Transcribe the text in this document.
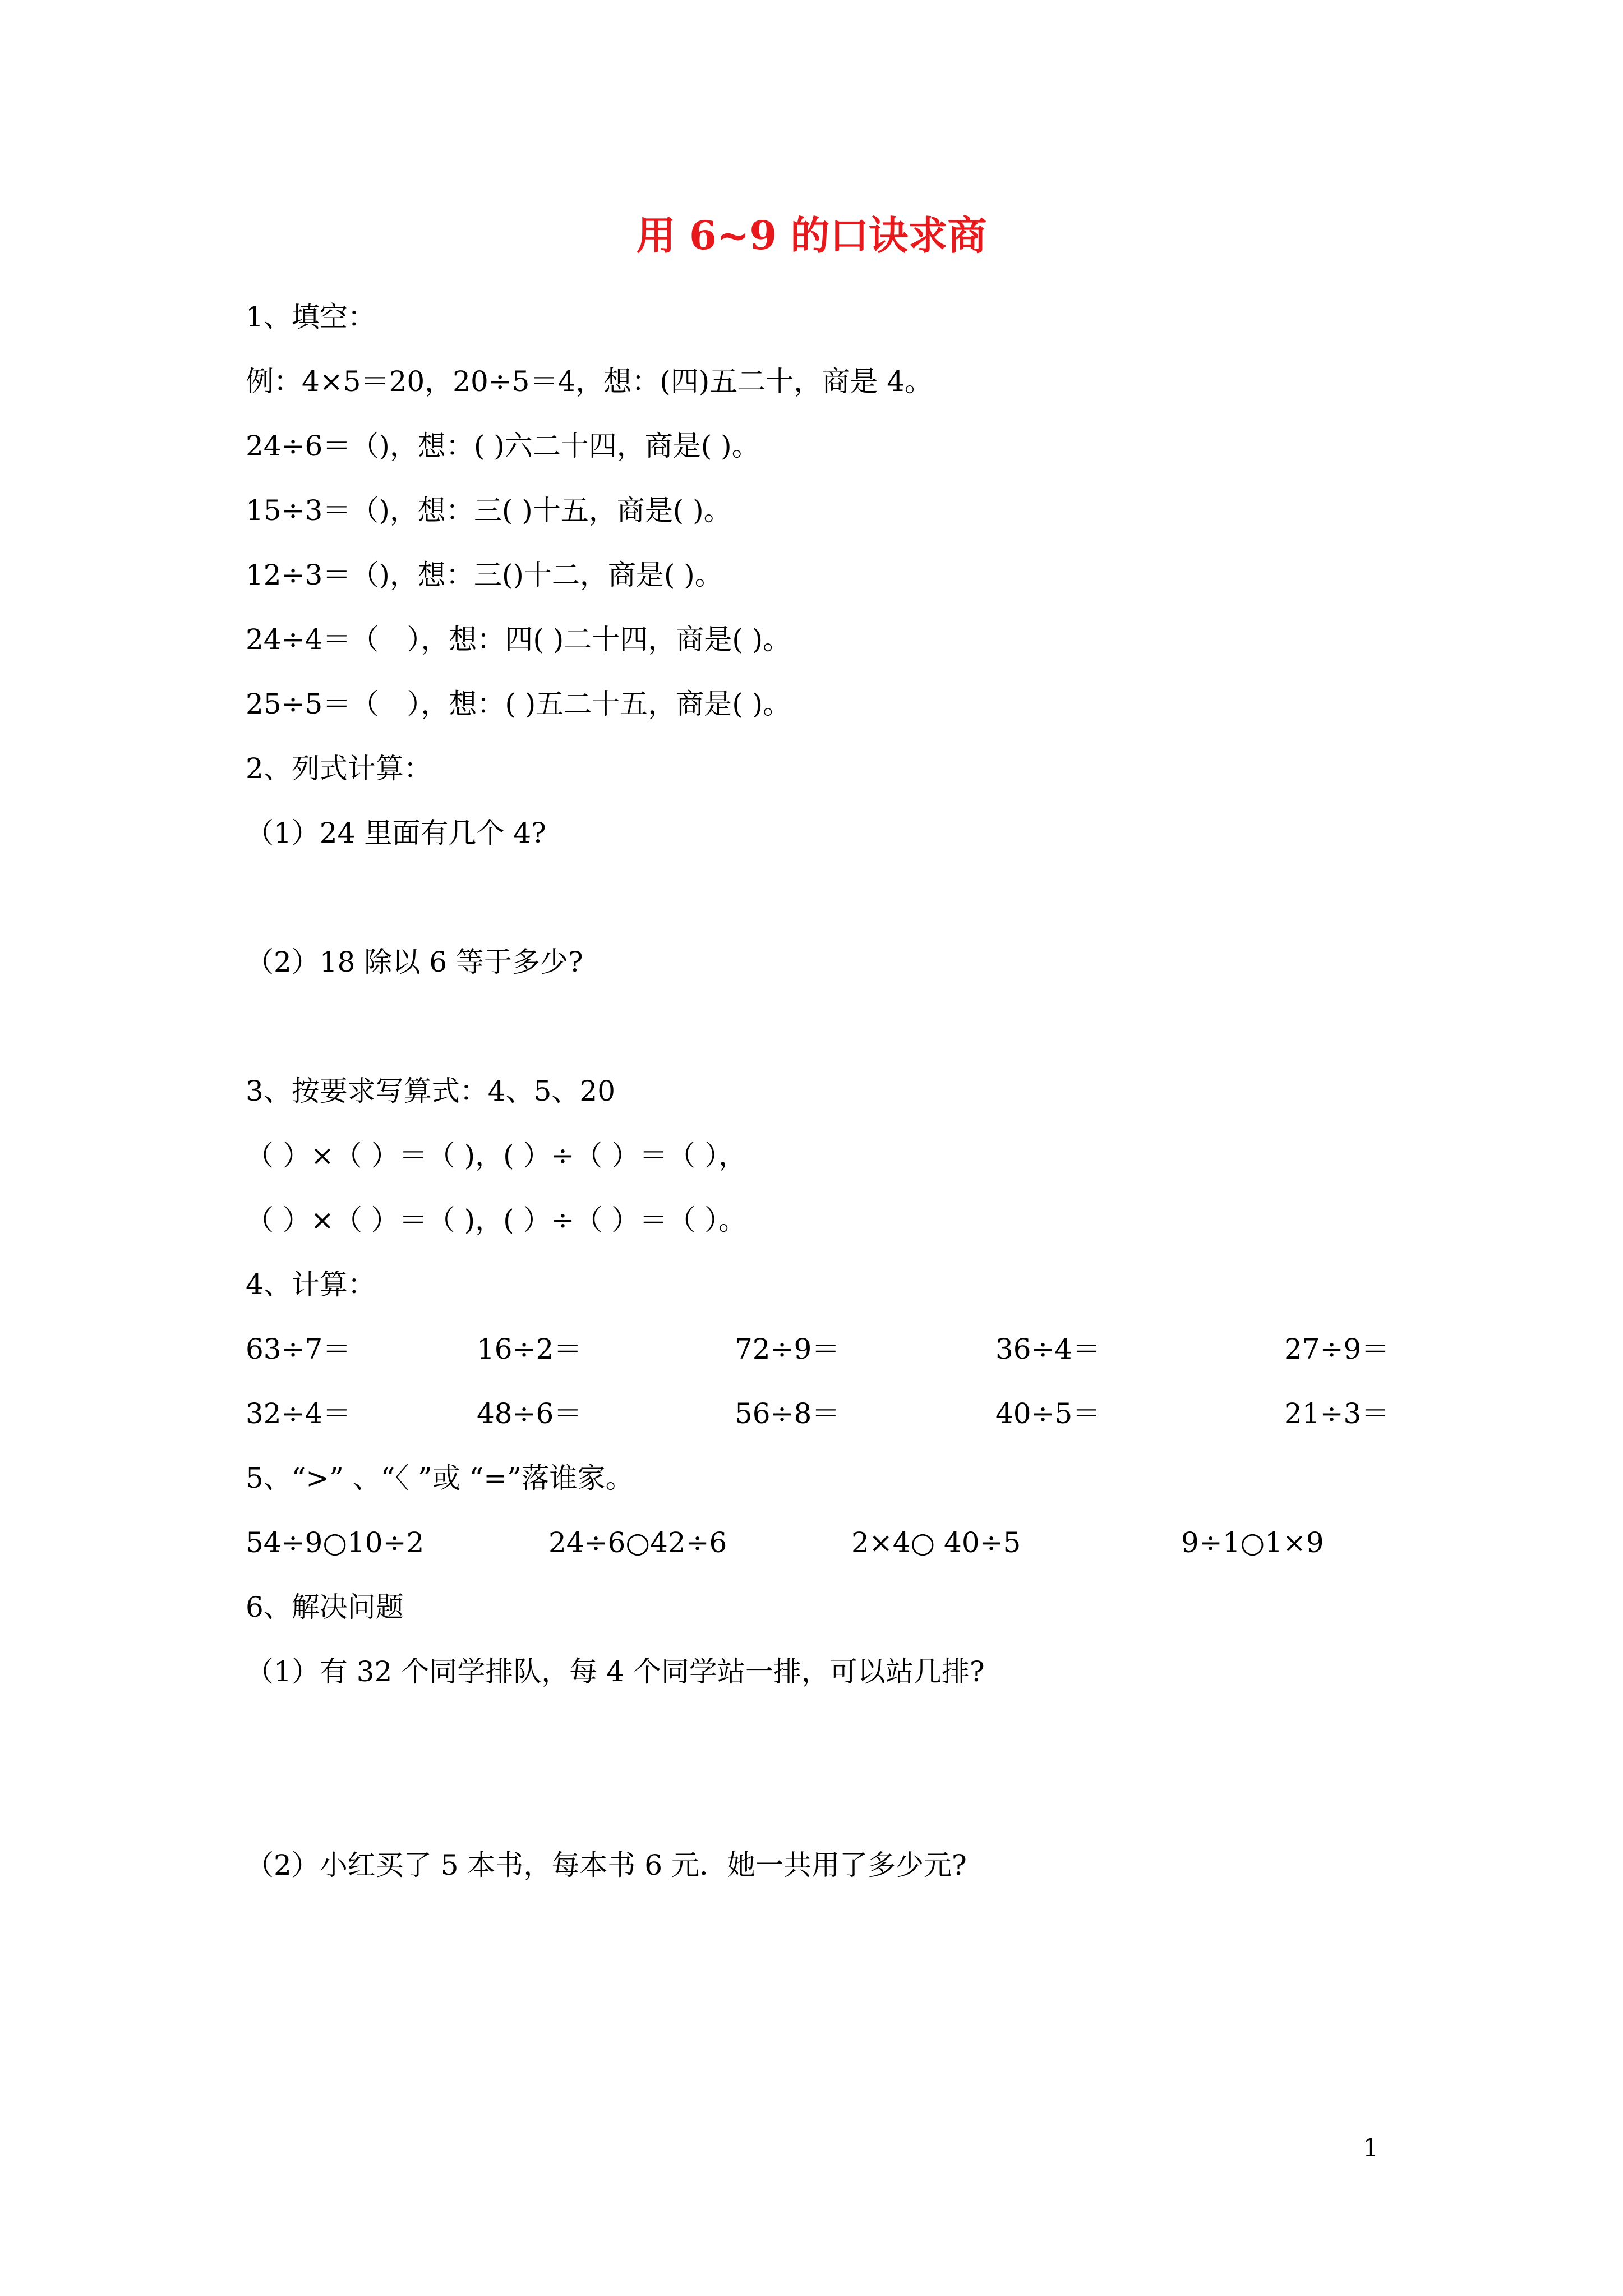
用 6~9 的口诀求商
1、填空：
例：4×5＝20，20÷5＝4，想：(四)五二十，商是 4。
24÷6＝（)，想：( )六二十四，商是( )。
15÷3＝（)，想：三( )十五，商是( )。
12÷3＝（)，想：三()十二，商是( )。
24÷4＝（　），想：四( )二十四，商是( )。
25÷5＝（　），想：( )五二十五，商是( )。
2、列式计算：
（1）24 里面有几个 4?
（2）18 除以 6 等于多少?
3、按要求写算式：4、5、20
（ ）×（ ）＝（ )，( ）÷（ ）＝（ ），
（ ）×（ ）＝（ )，( ）÷（ ）＝（ ）。
4、计算：
63÷7＝	16÷2＝	72÷9＝	36÷4＝	27÷9＝
32÷4＝	48÷6＝	56÷8＝	40÷5＝	21÷3＝
5、“>” 、“〈 ”或 “=”落谁家。
54÷9○10÷2	24÷6○42÷6	2×4○ 40÷5	9÷1○1×9
6、解决问题
（1）有 32 个同学排队，每 4 个同学站一排，可以站几排?
（2）小红买了 5 本书，每本书 6 元．她一共用了多少元?
1
